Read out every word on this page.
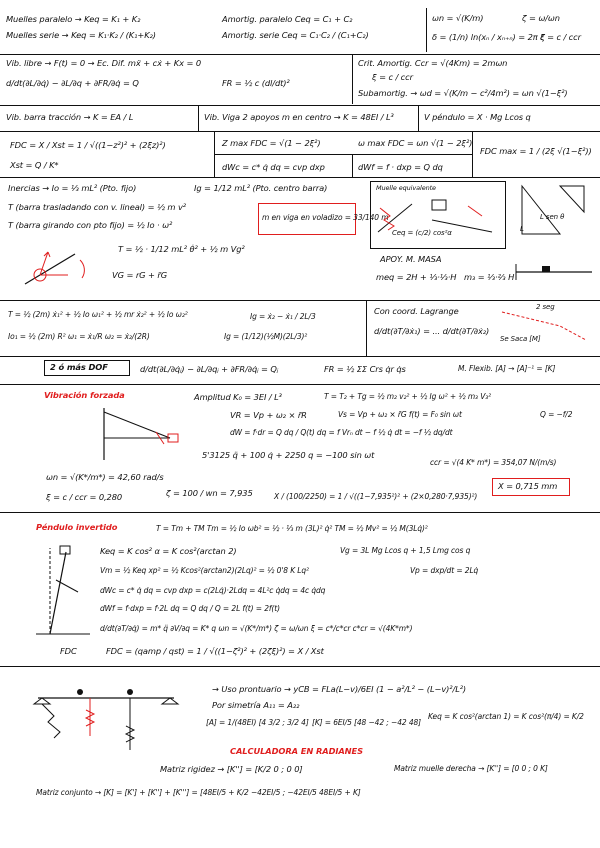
Muelles paralelo → Keq = K₁ + K₂
Muelles serie → Keq = K₁·K₂ / (K₁+K₂)
Amortig. paralelo Ceq = C₁ + C₂
Amortig. serie Ceq = C₁·C₂ / (C₁+C₂)
ωn = √(K/m)	ζ = ω/ωn
δ = (1/n) ln(xₙ / xₙ₊ₙ) = 2π ζ
ξ = c / ccr
Vib. libre → F(t) = 0 → Ec. Dif. mẍ + cẋ + Kx = 0
d/dt(∂L/∂q̇) − ∂L/∂q + ∂FR/∂q̇ = Q	FR = ½ c (dl/dt)²
Crit. Amortig. Ccr = √(4Km) = 2mωn
ξ = c / ccr
Subamortig. → ωd = √(K/m − c²/4m²) = ωn √(1−ξ²)
Vib. barra tracción → K = EA / L	Vib. Viga 2 apoyos m en centro → K = 48EI / L³	V péndulo = X · Mg Lcos q
FDC = X / Xst = 1 / √((1−z²)² + (2ξz)²)
Xst = Q / K*
Z max FDC = √(1 − 2ξ²)	ω max FDC = ωn √(1 − 2ξ²)
FDC max = 1 / (2ξ √(1−ξ²))
dWc = c* q̇ dq = cvp dxp	dWf = f · dxp = Q dq
Inercias → Io = ⅓ mL² (Pto. fijo)	Ig = 1/12 mL² (Pto. centro barra)
T (barra trasladando con v. lineal) = ½ m v²
T (barra girando con pto fijo) = ½ Io · ω²
m en viga en voladizo = 33/140 m
T = ½ · 1/12 mL² θ̇² + ½ m Vg²
VG = rG + r̃G
Muelle equivalente
Ceq = (c/2) cos²α	L
L sen θ
APOY. M. MASA
meq = 2H + ⅓·⅓·H m₃ = ⅓·⅔ H
T = ½ (2m) ẋ₁² + ½ Io ω₁² + ½ mr ẋ₂² + ½ Io ω₂²
Io₁ = ½ (2m) R² ω₁ = ẋ₁/R ω₂ = ẋ₂/(2R)	Ig = (1/12)(½M)(2L/3)²
Ig = ẋ₂ − ẋ₁ / 2L/3
Con coord. Lagrange
d/dt(∂T/∂ẋ₁) = ... d/dt(∂T/∂ẋ₂)
Se Saca [M]
2 seg
2 ó más DOF	d/dt(∂L/∂q̇ⱼ) − ∂L/∂qⱼ + ∂FR/∂q̇ⱼ = Qⱼ	FR = ½ ΣΣ Crs q̇r q̇s	M. Flexib. [A] → [A]⁻¹ = [K]
Vibración forzada	Amplitud K₀ = 3EI / L³	T = T₂ + Tg = ½ m₂ v₂² + ½ Ig ω² + ½ m₃ V₃²
VR = Vp + ω₂ × r̄R	Vs = Vp + ω₂ × r̄G f(t) = F₀ sin ωt	Q = −f/2
dW = f·dr = Q dq / Q(t) dq = f Vrₙ dt − f ½ q̇ dt = −f ½ dq/dt
5'3125 q̈ + 100 q̇ + 2250 q = −100 sin ωt
ccr = √(4 K* m*) = 354,07 N/(m/s)
ωn = √(K*/m*) = 42,60 rad/s
ξ = c / ccr = 0,280	ζ = 100 / wn = 7,935	X / (100/2250) = 1 / √((1−7,935²)² + (2×0,280·7,935)²)
X = 0,715 mm
Péndulo invertido	T = Tm + TM Tm = ½ Io ωb² = ½ · ⅓ m (3L)² q̇² TM = ½ Mv² = ½ M(3Lq̇)²
Keq = K cos² α = K cos²(arctan 2)	Vg = 3L Mg Lcos q + 1,5 Lmg cos q
Vm = ½ Keq xp² = ½ Kcos²(arctan2)(2Lq)² = ½ 0'8 K Lq²	Vp = dxp/dt = 2Lq̇
dWc = c* q̇ dq = cvp dxp = c(2Lq̇)·2Ldq = 4L²c q̇dq = 4c q̇dq
dWf = f·dxp = f·2L dq = Q dq / Q = 2L f(t) = 2f(t)
d/dt(∂T/∂q̇) = m* q̈ ∂V/∂q = K* q ωn = √(K*/m*) ζ = ω/ωn ξ = c*/c*cr c*cr = √(4K*m*)
FDC	FDC = (qamp / qst) = 1 / √((1−ζ²)² + (2ζξ)²) = X / Xst
→ Uso prontuario → yCB = FLa(L−v)/6EI (1 − a²/L² − (L−v)²/L²)
Por simetría A₁₁ = A₂₂
[A] = 1/(48EI) [4 3/2 ; 3/2 4] [K] = 6EI/5 [48 −42 ; −42 48]
Keq = K cos²(arctan 1) = K cos²(π/4) = K/2
CALCULADORA EN RADIANES
Matriz rigidez → [K''] = [K/2 0 ; 0 0]	Matriz muelle derecha → [K''] = [0 0 ; 0 K]
Matriz conjunto → [K] = [K'] + [K''] + [K'''] = [48EI/5 + K/2 −42EI/5 ; −42EI/5 48EI/5 + K]
